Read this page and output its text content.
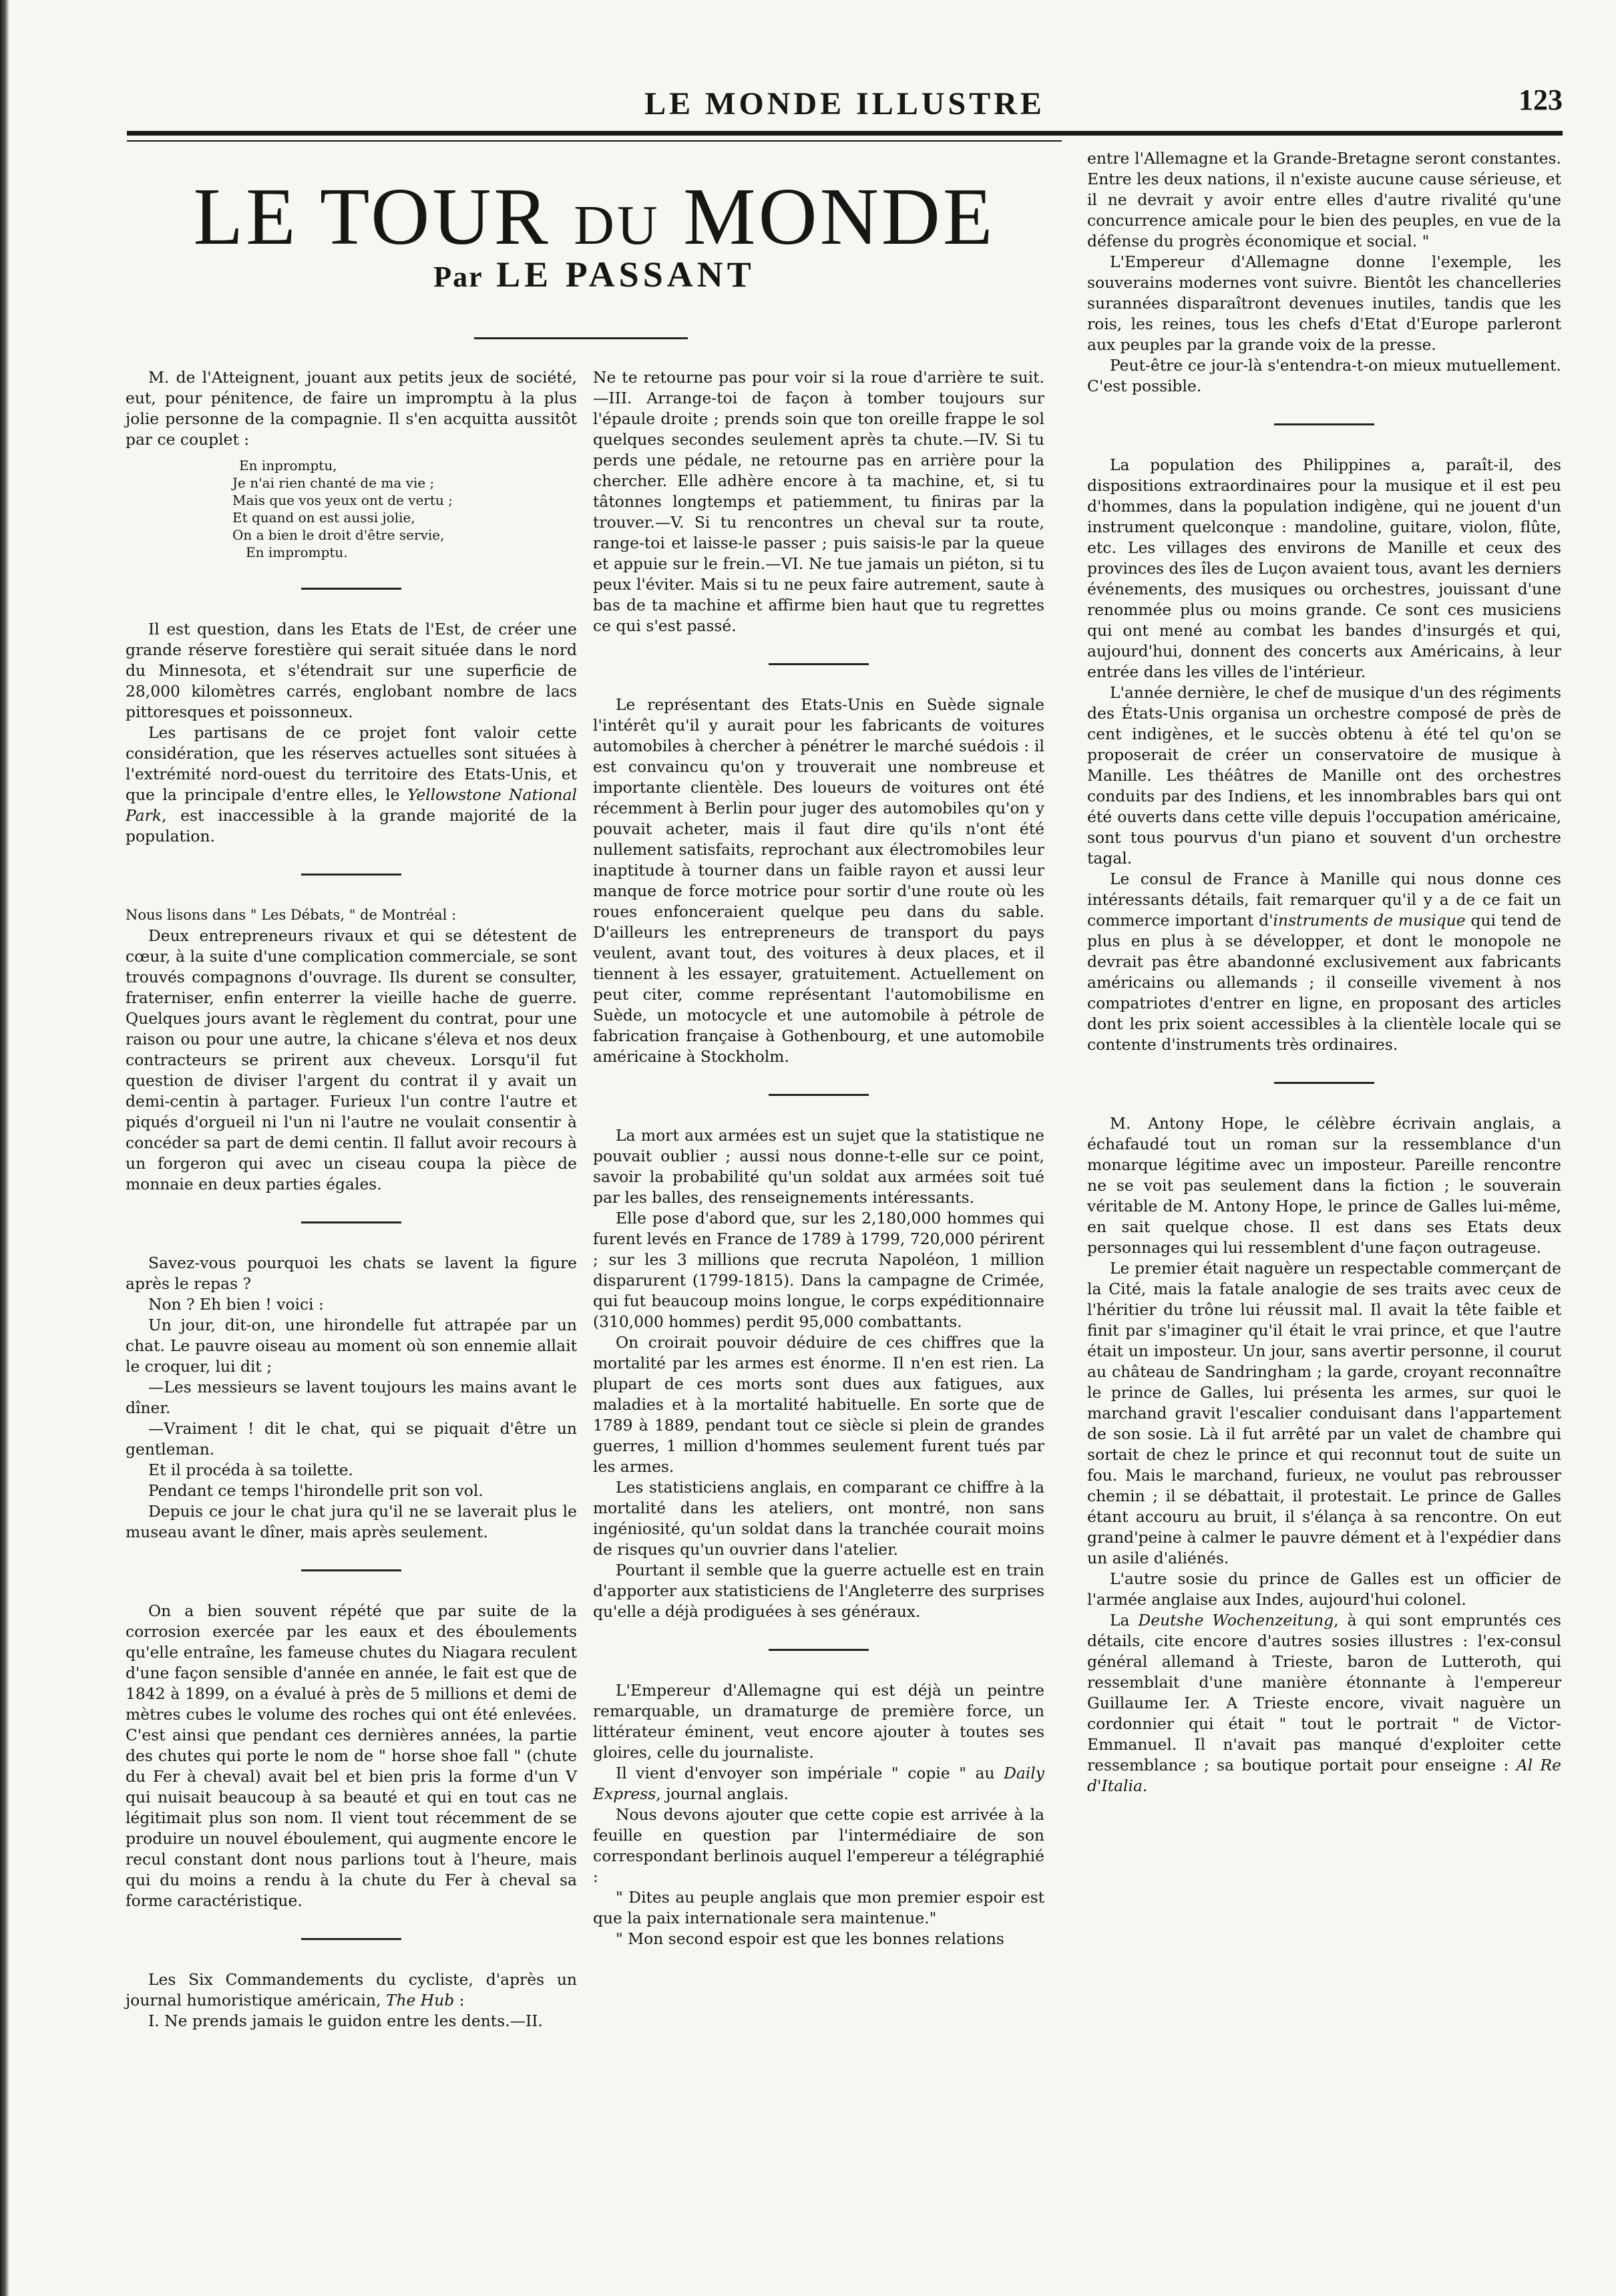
LE MONDE ILLUSTRE	123
LE TOUR DU MONDE
Par LE PASSANT

M. de l'Atteignent, jouant aux petits jeux de société, eut, pour pénitence, de faire un impromptu à la plus jolie personne de la compagnie. Il s'en acquitta aussitôt par ce couplet :

En inpromptu,
Je n'ai rien chanté de ma vie ;
Mais que vos yeux ont de vertu ;
Et quand on est aussi jolie,
On a bien le droit d'être servie,
En impromptu.

Il est question, dans les Etats de l'Est, de créer une grande réserve forestière qui serait située dans le nord du Minnesota, et s'étendrait sur une superficie de 28,000 kilomètres carrés, englobant nombre de lacs pittoresques et poissonneux.

Les partisans de ce projet font valoir cette considération, que les réserves actuelles sont situées à l'extrémité nord-ouest du territoire des Etats-Unis, et que la principale d'entre elles, le Yellowstone National Park, est inaccessible à la grande majorité de la population.

Nous lisons dans " Les Débats, " de Montréal :

Deux entrepreneurs rivaux et qui se détestent de cœur, à la suite d'une complication commerciale, se sont trouvés compagnons d'ouvrage. Ils durent se consulter, fraterniser, enfin enterrer la vieille hache de guerre. Quelques jours avant le règlement du contrat, pour une raison ou pour une autre, la chicane s'éleva et nos deux contracteurs se prirent aux cheveux. Lorsqu'il fut question de diviser l'argent du contrat il y avait un demi-centin à partager. Furieux l'un contre l'autre et piqués d'orgueil ni l'un ni l'autre ne voulait consentir à concéder sa part de demi centin. Il fallut avoir recours à un forgeron qui avec un ciseau coupa la pièce de monnaie en deux parties égales.

Savez-vous pourquoi les chats se lavent la figure après le repas ?

Non ? Eh bien ! voici :

Un jour, dit-on, une hirondelle fut attrapée par un chat. Le pauvre oiseau au moment où son ennemie allait le croquer, lui dit ;

—Les messieurs se lavent toujours les mains avant le dîner.

—Vraiment ! dit le chat, qui se piquait d'être un gentleman.

Et il procéda à sa toilette.

Pendant ce temps l'hirondelle prit son vol.

Depuis ce jour le chat jura qu'il ne se laverait plus le museau avant le dîner, mais après seulement.

On a bien souvent répété que par suite de la corrosion exercée par les eaux et des éboulements qu'elle entraîne, les fameuse chutes du Niagara reculent d'une façon sensible d'année en année, le fait est que de 1842 à 1899, on a évalué à près de 5 millions et demi de mètres cubes le volume des roches qui ont été enlevées. C'est ainsi que pendant ces dernières années, la partie des chutes qui porte le nom de " horse shoe fall " (chute du Fer à cheval) avait bel et bien pris la forme d'un V qui nuisait beaucoup à sa beauté et qui en tout cas ne légitimait plus son nom. Il vient tout récemment de se produire un nouvel éboulement, qui augmente encore le recul constant dont nous parlions tout à l'heure, mais qui du moins a rendu à la chute du Fer à cheval sa forme caractéristique.

Les Six Commandements du cycliste, d'après un journal humoristique américain, The Hub :

I. Ne prends jamais le guidon entre les dents.—II.

Ne te retourne pas pour voir si la roue d'arrière te suit.—III. Arrange-toi de façon à tomber toujours sur l'épaule droite ; prends soin que ton oreille frappe le sol quelques secondes seulement après ta chute.—IV. Si tu perds une pédale, ne retourne pas en arrière pour la chercher. Elle adhère encore à ta machine, et, si tu tâtonnes longtemps et patiemment, tu finiras par la trouver.—V. Si tu rencontres un cheval sur ta route, range-toi et laisse-le passer ; puis saisis-le par la queue et appuie sur le frein.—VI. Ne tue jamais un piéton, si tu peux l'éviter. Mais si tu ne peux faire autrement, saute à bas de ta machine et affirme bien haut que tu regrettes ce qui s'est passé.

Le représentant des Etats-Unis en Suède signale l'intérêt qu'il y aurait pour les fabricants de voitures automobiles à chercher à pénétrer le marché suédois : il est convaincu qu'on y trouverait une nombreuse et importante clientèle. Des loueurs de voitures ont été récemment à Berlin pour juger des automobiles qu'on y pouvait acheter, mais il faut dire qu'ils n'ont été nullement satisfaits, reprochant aux électromobiles leur inaptitude à tourner dans un faible rayon et aussi leur manque de force motrice pour sortir d'une route où les roues enfonceraient quelque peu dans du sable. D'ailleurs les entrepreneurs de transport du pays veulent, avant tout, des voitures à deux places, et il tiennent à les essayer, gratuitement. Actuellement on peut citer, comme représentant l'automobilisme en Suède, un motocycle et une automobile à pétrole de fabrication française à Gothenbourg, et une automobile américaine à Stockholm.

La mort aux armées est un sujet que la statistique ne pouvait oublier ; aussi nous donne-t-elle sur ce point, savoir la probabilité qu'un soldat aux armées soit tué par les balles, des renseignements intéressants.

Elle pose d'abord que, sur les 2,180,000 hommes qui furent levés en France de 1789 à 1799, 720,000 périrent ; sur les 3 millions que recruta Napoléon, 1 million disparurent (1799-1815). Dans la campagne de Crimée, qui fut beaucoup moins longue, le corps expéditionnaire (310,000 hommes) perdit 95,000 combattants.

On croirait pouvoir déduire de ces chiffres que la mortalité par les armes est énorme. Il n'en est rien. La plupart de ces morts sont dues aux fatigues, aux maladies et à la mortalité habituelle. En sorte que de 1789 à 1889, pendant tout ce siècle si plein de grandes guerres, 1 million d'hommes seulement furent tués par les armes.

Les statisticiens anglais, en comparant ce chiffre à la mortalité dans les ateliers, ont montré, non sans ingéniosité, qu'un soldat dans la tranchée courait moins de risques qu'un ouvrier dans l'atelier.

Pourtant il semble que la guerre actuelle est en train d'apporter aux statisticiens de l'Angleterre des surprises qu'elle a déjà prodiguées à ses généraux.

L'Empereur d'Allemagne qui est déjà un peintre remarquable, un dramaturge de première force, un littérateur éminent, veut encore ajouter à toutes ses gloires, celle du journaliste.

Il vient d'envoyer son impériale " copie " au Daily Express, journal anglais.

Nous devons ajouter que cette copie est arrivée à la feuille en question par l'intermédiaire de son correspondant berlinois auquel l'empereur a télégraphié :

" Dites au peuple anglais que mon premier espoir est que la paix internationale sera maintenue."

" Mon second espoir est que les bonnes relations

entre l'Allemagne et la Grande-Bretagne seront constantes. Entre les deux nations, il n'existe aucune cause sérieuse, et il ne devrait y avoir entre elles d'autre rivalité qu'une concurrence amicale pour le bien des peuples, en vue de la défense du progrès économique et social. "

L'Empereur d'Allemagne donne l'exemple, les souverains modernes vont suivre. Bientôt les chancelleries surannées disparaîtront devenues inutiles, tandis que les rois, les reines, tous les chefs d'Etat d'Europe parleront aux peuples par la grande voix de la presse.

Peut-être ce jour-là s'entendra-t-on mieux mutuellement. C'est possible.

La population des Philippines a, paraît-il, des dispositions extraordinaires pour la musique et il est peu d'hommes, dans la population indigène, qui ne jouent d'un instrument quelconque : mandoline, guitare, violon, flûte, etc. Les villages des environs de Manille et ceux des provinces des îles de Luçon avaient tous, avant les derniers événements, des musiques ou orchestres, jouissant d'une renommée plus ou moins grande. Ce sont ces musiciens qui ont mené au combat les bandes d'insurgés et qui, aujourd'hui, donnent des concerts aux Américains, à leur entrée dans les villes de l'intérieur.

L'année dernière, le chef de musique d'un des régiments des États-Unis organisa un orchestre composé de près de cent indigènes, et le succès obtenu à été tel qu'on se proposerait de créer un conservatoire de musique à Manille. Les théâtres de Manille ont des orchestres conduits par des Indiens, et les innombrables bars qui ont été ouverts dans cette ville depuis l'occupation américaine, sont tous pourvus d'un piano et souvent d'un orchestre tagal.

Le consul de France à Manille qui nous donne ces intéressants détails, fait remarquer qu'il y a de ce fait un commerce important d'instruments de musique qui tend de plus en plus à se développer, et dont le monopole ne devrait pas être abandonné exclusivement aux fabricants américains ou allemands ; il conseille vivement à nos compatriotes d'entrer en ligne, en proposant des articles dont les prix soient accessibles à la clientèle locale qui se contente d'instruments très ordinaires.

M. Antony Hope, le célèbre écrivain anglais, a échafaudé tout un roman sur la ressemblance d'un monarque légitime avec un imposteur. Pareille rencontre ne se voit pas seulement dans la fiction ; le souverain véritable de M. Antony Hope, le prince de Galles lui-même, en sait quelque chose. Il est dans ses Etats deux personnages qui lui ressemblent d'une façon outrageuse.

Le premier était naguère un respectable commerçant de la Cité, mais la fatale analogie de ses traits avec ceux de l'héritier du trône lui réussit mal. Il avait la tête faible et finit par s'imaginer qu'il était le vrai prince, et que l'autre était un imposteur. Un jour, sans avertir personne, il courut au château de Sandringham ; la garde, croyant reconnaître le prince de Galles, lui présenta les armes, sur quoi le marchand gravit l'escalier conduisant dans l'appartement de son sosie. Là il fut arrêté par un valet de chambre qui sortait de chez le prince et qui reconnut tout de suite un fou. Mais le marchand, furieux, ne voulut pas rebrousser chemin ; il se débattait, il protestait. Le prince de Galles étant accouru au bruit, il s'élança à sa rencontre. On eut grand'peine à calmer le pauvre dément et à l'expédier dans un asile d'aliénés.

L'autre sosie du prince de Galles est un officier de l'armée anglaise aux Indes, aujourd'hui colonel.

La Deutshe Wochenzeitung, à qui sont empruntés ces détails, cite encore d'autres sosies illustres : l'ex-consul général allemand à Trieste, baron de Lutteroth, qui ressemblait d'une manière étonnante à l'empereur Guillaume Ier. A Trieste encore, vivait naguère un cordonnier qui était " tout le portrait " de Victor-Emmanuel. Il n'avait pas manqué d'exploiter cette ressemblance ; sa boutique portait pour enseigne : Al Re d'Italia.
